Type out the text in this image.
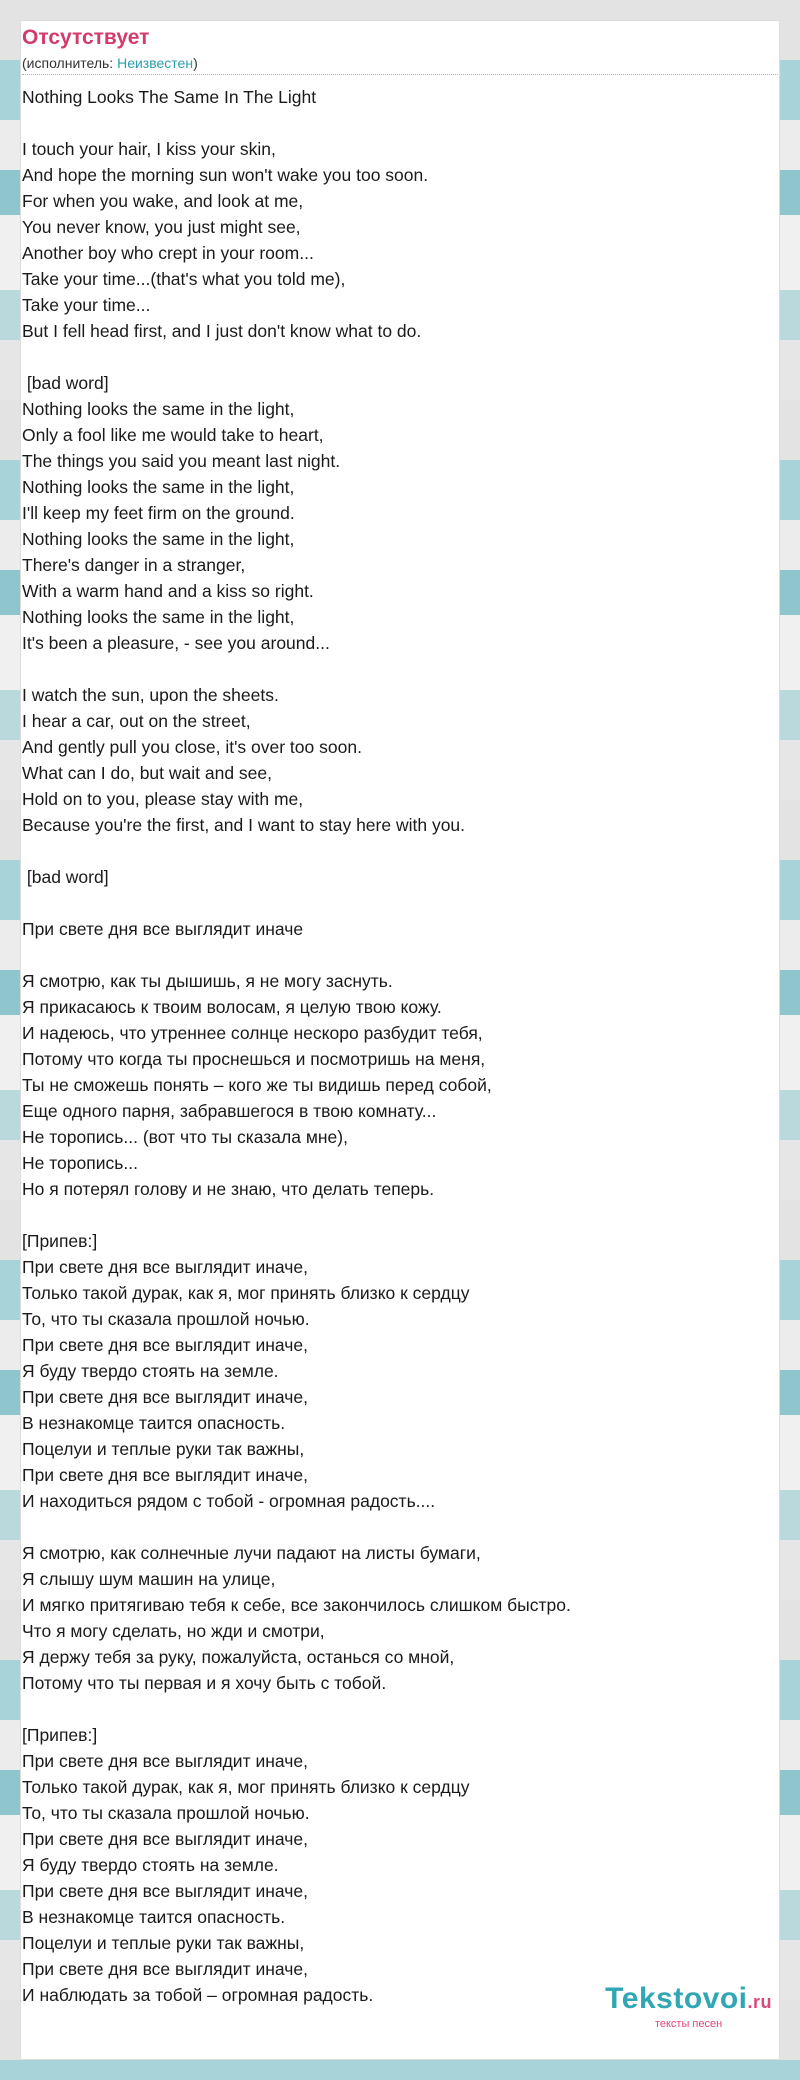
Отсутствует
(исполнитель: Неизвестен)
Nothing Looks The Same In The Light
I touch your hair, I kiss your skin,
And hope the morning sun won't wake you too soon.
For when you wake, and look at me,
You never know, you just might see,
Another boy who crept in your room...
Take your time...(that's what you told me),
Take your time...
But I fell head first, and I just don't know what to do.
[bad word]
Nothing looks the same in the light,
Only a fool like me would take to heart,
The things you said you meant last night.
Nothing looks the same in the light,
I'll keep my feet firm on the ground.
Nothing looks the same in the light,
There's danger in a stranger,
With a warm hand and a kiss so right.
Nothing looks the same in the light,
It's been a pleasure, - see you around...
I watch the sun, upon the sheets.
I hear a car, out on the street,
And gently pull you close, it's over too soon.
What can I do, but wait and see,
Hold on to you, please stay with me,
Because you're the first, and I want to stay here with you.
[bad word]
При свете дня все выглядит иначе
Я смотрю, как ты дышишь, я не могу заснуть.
Я прикасаюсь к твоим волосам, я целую твою кожу.
И надеюсь, что утреннее солнце нескоро разбудит тебя,
Потому что когда ты проснешься и посмотришь на меня,
Ты не сможешь понять – кого же ты видишь перед собой,
Еще одного парня, забравшегося в твою комнату...
Не торопись... (вот что ты сказала мне),
Не торопись...
Но я потерял голову и не знаю, что делать теперь.
[Припев:]
При свете дня все выглядит иначе,
Только такой дурак, как я, мог принять близко к сердцу
То, что ты сказала прошлой ночью.
При свете дня все выглядит иначе,
Я буду твердо стоять на земле.
При свете дня все выглядит иначе,
В незнакомце таится опасность.
Поцелуи и теплые руки так важны,
При свете дня все выглядит иначе,
И находиться рядом с тобой - огромная радость....
Я смотрю, как солнечные лучи падают на листы бумаги,
Я слышу шум машин на улице,
И мягко притягиваю тебя к себе, все закончилось слишком быстро.
Что я могу сделать, но жди и смотри,
Я держу тебя за руку, пожалуйста, останься со мной,
Потому что ты первая и я хочу быть с тобой.
[Припев:]
При свете дня все выглядит иначе,
Только такой дурак, как я, мог принять близко к сердцу
То, что ты сказала прошлой ночью.
При свете дня все выглядит иначе,
Я буду твердо стоять на земле.
При свете дня все выглядит иначе,
В незнакомце таится опасность.
Поцелуи и теплые руки так важны,
При свете дня все выглядит иначе,
И наблюдать за тобой – огромная радость.	Tekstovoi.ru
тексты песен
